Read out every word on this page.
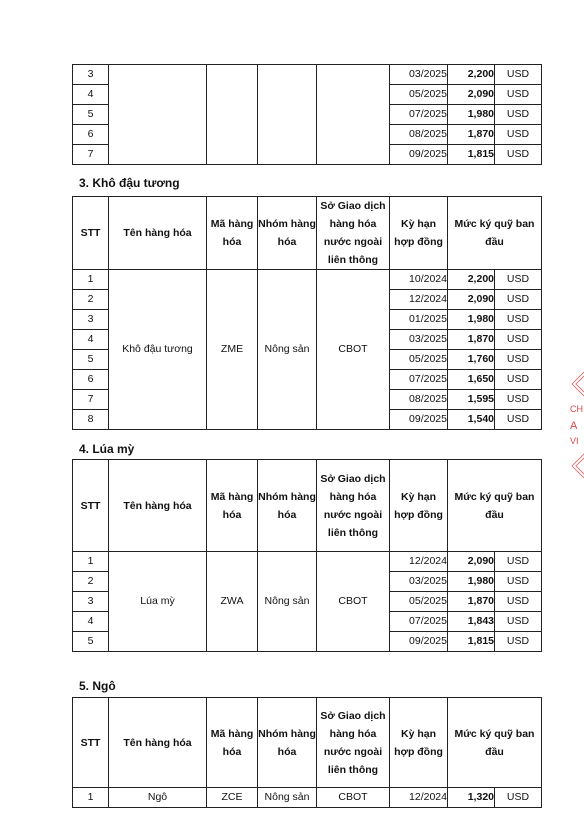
3					03/2025	2,200	USD
4					05/2025	2,090	USD
5					07/2025	1,980	USD
6					08/2025	1,870	USD
7					09/2025	1,815	USD

3. Khô đậu tương

STT	Tên hàng hóa	Mã hàng hóa	Nhóm hàng hóa	Sở Giao dịch hàng hóa nước ngoài liên thông	Kỳ hạn hợp đồng	Mức ký quỹ ban đầu	
1	Khô đậu tương	ZME	Nông sản	CBOT	10/2024	2,200	USD
2					12/2024	2,090	USD
3					01/2025	1,980	USD
4					03/2025	1,870	USD
5					05/2025	1,760	USD
6					07/2025	1,650	USD
7					08/2025	1,595	USD
8					09/2025	1,540	USD

4. Lúa mỳ

STT	Tên hàng hóa	Mã hàng hóa	Nhóm hàng hóa	Sở Giao dịch hàng hóa nước ngoài liên thông	Kỳ hạn hợp đồng	Mức ký quỹ ban đầu	
1	Lúa mỳ	ZWA	Nông sản	CBOT	12/2024	2,090	USD
2					03/2025	1,980	USD
3					05/2025	1,870	USD
4					07/2025	1,843	USD
5					09/2025	1,815	USD

5. Ngô

STT	Tên hàng hóa	Mã hàng hóa	Nhóm hàng hóa	Sở Giao dịch hàng hóa nước ngoài liên thông	Kỳ hạn hợp đồng	Mức ký quỹ ban đầu	
1	Ngô	ZCE	Nông sản	CBOT	12/2024	1,320	USD
CH
A
VI
